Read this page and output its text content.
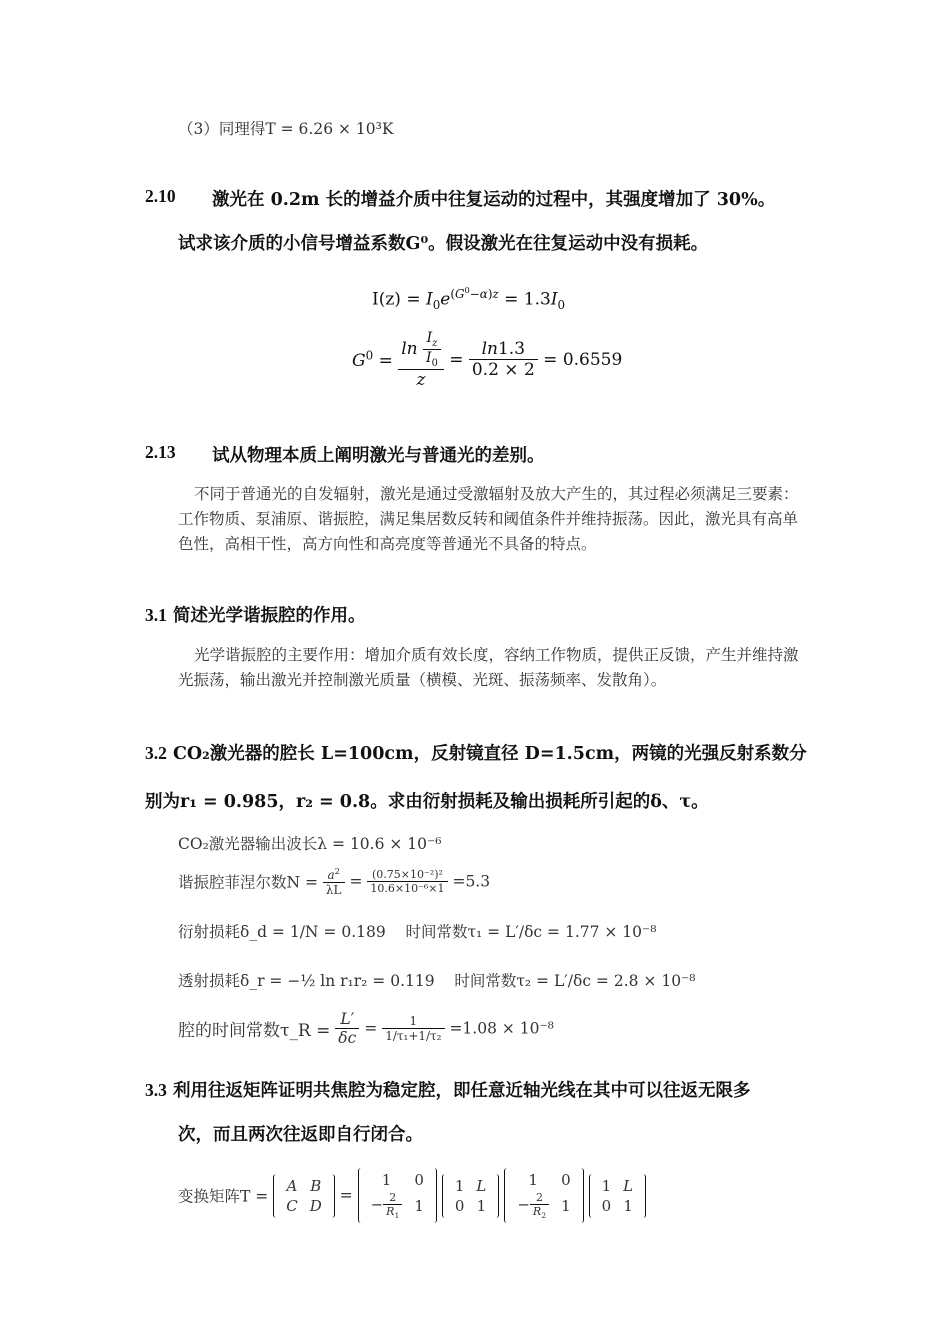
（3）同理得T = 6.26 × 10³K
2.10 激光在 0.2m 长的增益介质中往复运动的过程中，其强度增加了 30%。
试求该介质的小信号增益系数G⁰。假设激光在往复运动中没有损耗。
$I(z) = I_0e^{(G^0-\alpha)z} = 1.3I_0$
$G^0 = \frac{\ln \frac{I_z}{I_0}}{z} = \frac{\ln 1.3}{0.2 \times 2} = 0.6559$
2.13 试从物理本质上阐明激光与普通光的差别。
不同于普通光的自发辐射，激光是通过受激辐射及放大产生的，其过程必须满足三要素：工作物质、泵浦原、谐振腔，满足集居数反转和阈值条件并维持振荡。因此，激光具有高单色性，高相干性，高方向性和高亮度等普通光不具备的特点。
3.1 简述光学谐振腔的作用。
光学谐振腔的主要作用：增加介质有效长度，容纳工作物质，提供正反馈，产生并维持激光振荡，输出激光并控制激光质量（横模、光斑、振荡频率、发散角）。
3.2 CO₂激光器的腔长 L=100cm，反射镜直径 D=1.5cm，两镜的光强反射系数分
别为r₁ = 0.985，r₂ = 0.8。求由衍射损耗及输出损耗所引起的δ、τ。
CO₂激光器输出波长λ = 10.6 × 10⁻⁶
谐振腔菲涅尔数$N = \frac{a^2}{\lambda L} = \frac{\text{(0.75×10⁻²)²}}{\text{10.6×10⁻⁶×1}} =5.3$
衍射损耗δ_d = 1/N = 0.189 时间常数τ₁ = L′/δc = 1.77 × 10⁻⁸
透射损耗δ_r = −½ ln r₁r₂ = 0.119 时间常数τ₂ = L′/δc = 2.8 × 10⁻⁸
腔的时间常数τ_R = $\frac{L'}{\delta c} = \frac{1}{\text{1/τ₁+1/τ₂}} =1.08 \times 10^{-8}$
3.3 利用往返矩阵证明共焦腔为稳定腔，即任意近轴光线在其中可以往返无限多
次，而且两次往返即自行闭合。
变换矩阵T =
A	B
C	D
=
1	0
− $\frac{2}{R_1}$	1

1	L
0	1

1	0
− $\frac{2}{R_2}$	1

1	L
0	1
